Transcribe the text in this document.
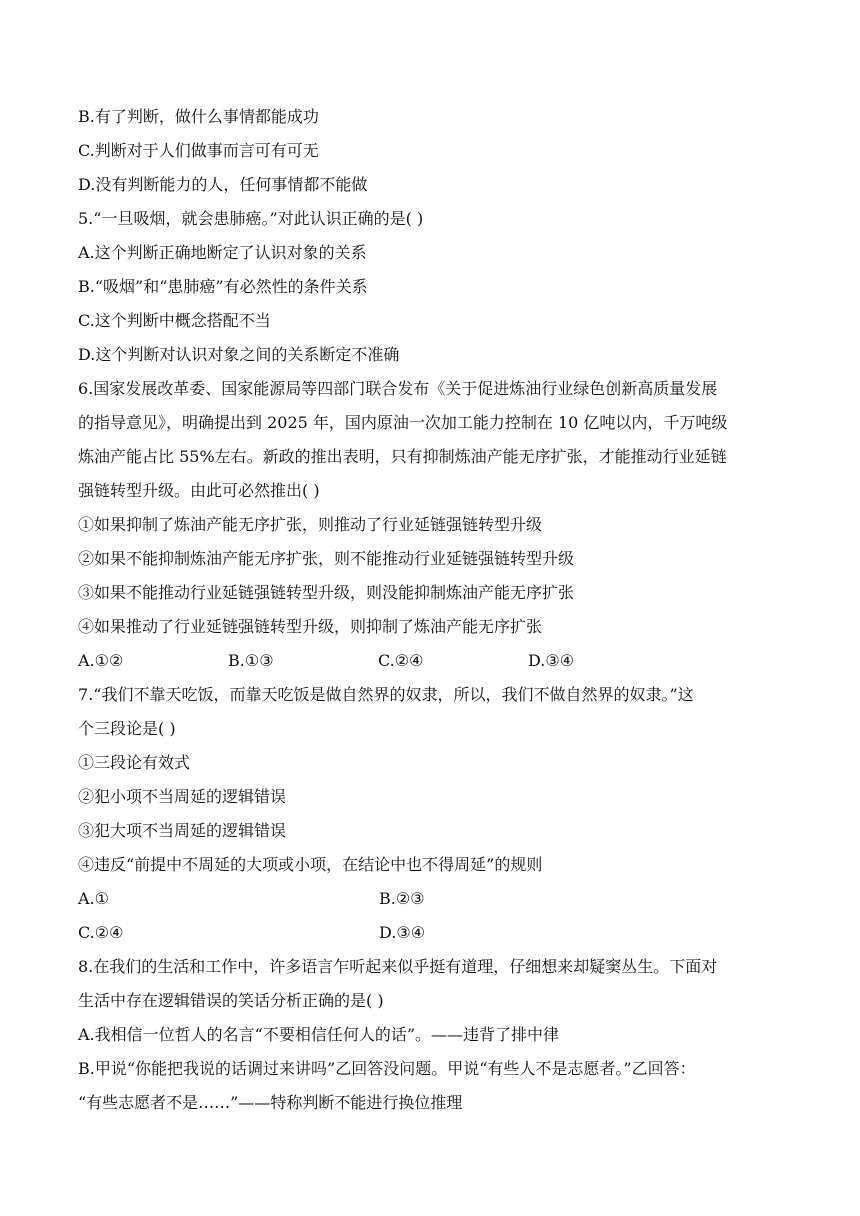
B.有了判断，做什么事情都能成功

C.判断对于人们做事而言可有可无

D.没有判断能力的人，任何事情都不能做

5.“一旦吸烟，就会患肺癌。”对此认识正确的是( )

A.这个判断正确地断定了认识对象的关系

B.“吸烟”和“患肺癌”有必然性的条件关系

C.这个判断中概念搭配不当

D.这个判断对认识对象之间的关系断定不准确

6.国家发展改革委、国家能源局等四部门联合发布《关于促进炼油行业绿色创新高质量发展

的指导意见》，明确提出到 2025 年，国内原油一次加工能力控制在 10 亿吨以内，千万吨级

炼油产能占比 55%左右。新政的推出表明，只有抑制炼油产能无序扩张，才能推动行业延链

强链转型升级。由此可必然推出( )

①如果抑制了炼油产能无序扩张，则推动了行业延链强链转型升级

②如果不能抑制炼油产能无序扩张，则不能推动行业延链强链转型升级

③如果不能推动行业延链强链转型升级，则没能抑制炼油产能无序扩张

④如果推动了行业延链强链转型升级，则抑制了炼油产能无序扩张

A.①②	B.①③	C.②④	D.③④

7.“我们不靠天吃饭，而靠天吃饭是做自然界的奴隶，所以，我们不做自然界的奴隶。”这

个三段论是( )

①三段论有效式

②犯小项不当周延的逻辑错误

③犯大项不当周延的逻辑错误

④违反“前提中不周延的大项或小项，在结论中也不得周延”的规则

A.①	B.②③
C.②④	D.③④

8.在我们的生活和工作中，许多语言乍听起来似乎挺有道理，仔细想来却疑窦丛生。下面对

生活中存在逻辑错误的笑话分析正确的是( )

A.我相信一位哲人的名言“不要相信任何人的话”。——违背了排中律

B.甲说“你能把我说的话调过来讲吗”乙回答没问题。甲说“有些人不是志愿者。”乙回答：

“有些志愿者不是……”——特称判断不能进行换位推理
